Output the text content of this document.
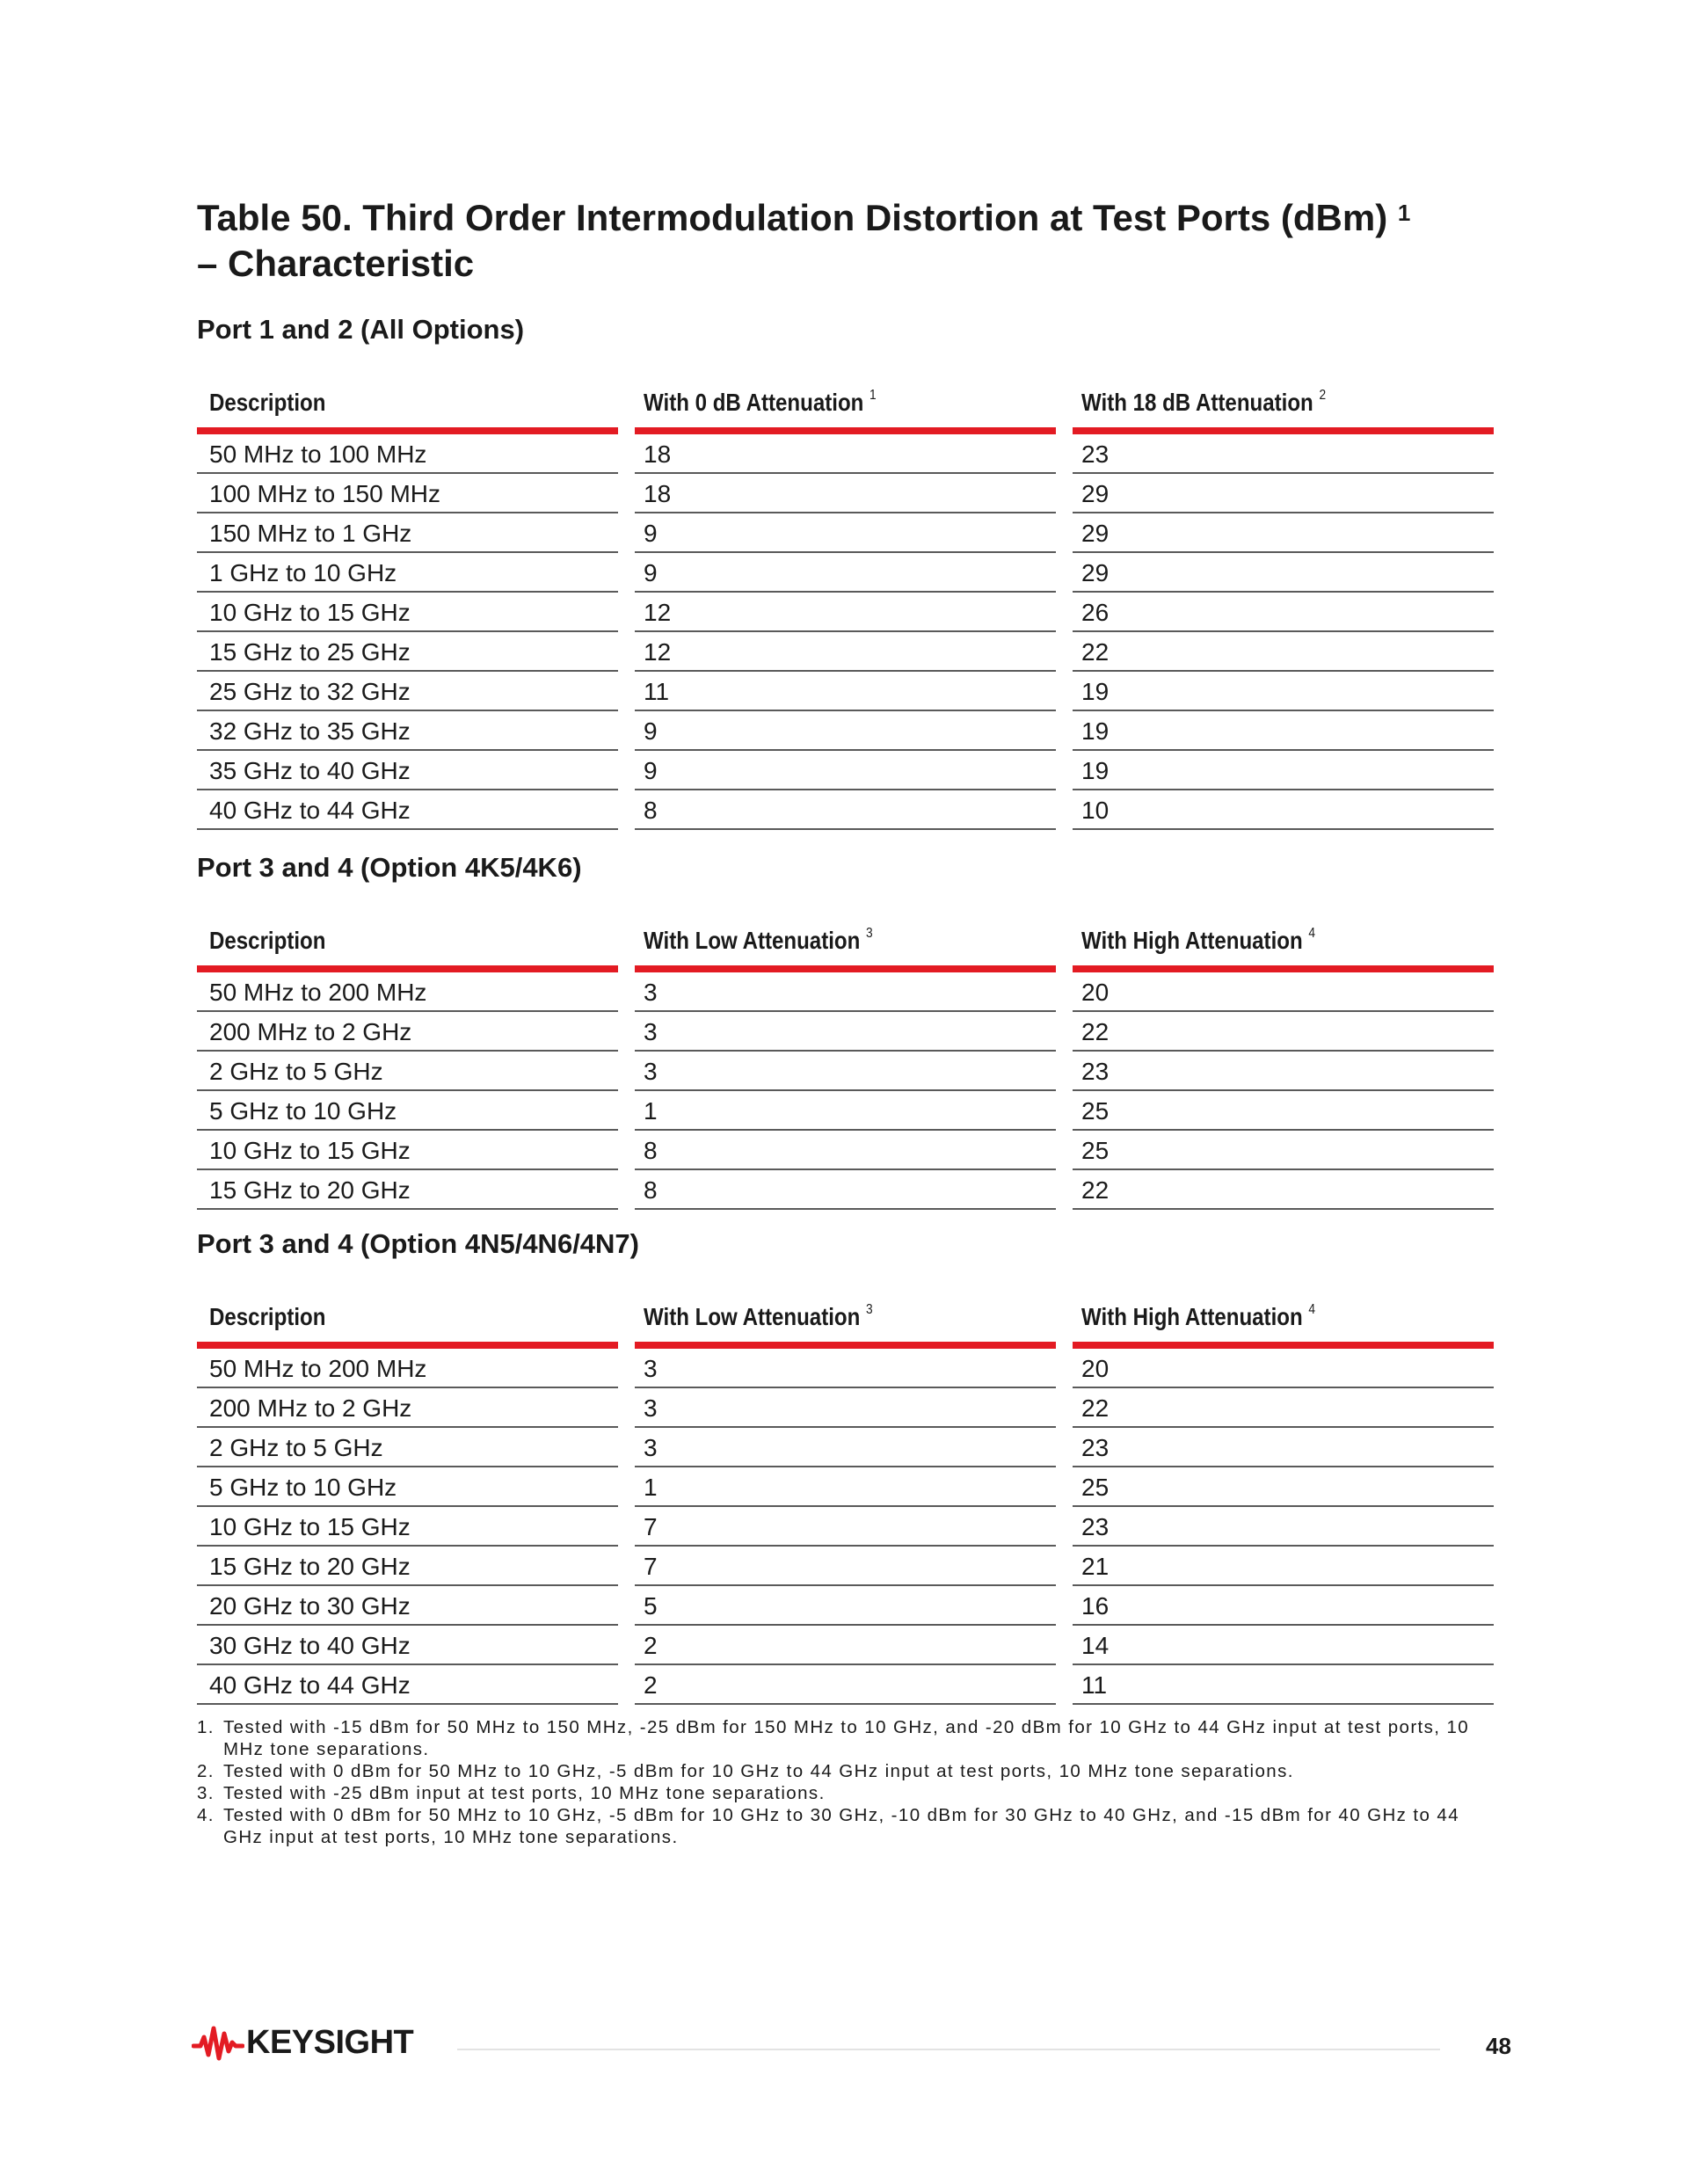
Table 50. Third Order Intermodulation Distortion at Test Ports (dBm) $^1$
– Characteristic
Port 1 and 2 (All Options)
Description	With 0 dB Attenuation $^1$	With 18 dB Attenuation $^2$
50 MHz to 100 MHz	18	23
100 MHz to 150 MHz	18	29
150 MHz to 1 GHz	9	29
1 GHz to 10 GHz	9	29
10 GHz to 15 GHz	12	26
15 GHz to 25 GHz	12	22
25 GHz to 32 GHz	11	19
32 GHz to 35 GHz	9	19
35 GHz to 40 GHz	9	19
40 GHz to 44 GHz	8	10
Port 3 and 4 (Option 4K5/4K6)
Description	With Low Attenuation $^3$	With High Attenuation $^4$
50 MHz to 200 MHz	3	20
200 MHz to 2 GHz	3	22
2 GHz to 5 GHz	3	23
5 GHz to 10 GHz	1	25
10 GHz to 15 GHz	8	25
15 GHz to 20 GHz	8	22
Port 3 and 4 (Option 4N5/4N6/4N7)
Description	With Low Attenuation $^3$	With High Attenuation $^4$
50 MHz to 200 MHz	3	20
200 MHz to 2 GHz	3	22
2 GHz to 5 GHz	3	23
5 GHz to 10 GHz	1	25
10 GHz to 15 GHz	7	23
15 GHz to 20 GHz	7	21
20 GHz to 30 GHz	5	16
30 GHz to 40 GHz	2	14
40 GHz to 44 GHz	2	11
1. Tested with -15 dBm for 50 MHz to 150 MHz, -25 dBm for 150 MHz to 10 GHz, and -20 dBm for 10 GHz to 44 GHz input at test ports, 10 MHz tone separations.
2. Tested with 0 dBm for 50 MHz to 10 GHz, -5 dBm for 10 GHz to 44 GHz input at test ports, 10 MHz tone separations.
3. Tested with -25 dBm input at test ports, 10 MHz tone separations.
4. Tested with 0 dBm for 50 MHz to 10 GHz, -5 dBm for 10 GHz to 30 GHz, -10 dBm for 30 GHz to 40 GHz, and -15 dBm for 40 GHz to 44 GHz input at test ports, 10 MHz tone separations.
KEYSIGHT	48
